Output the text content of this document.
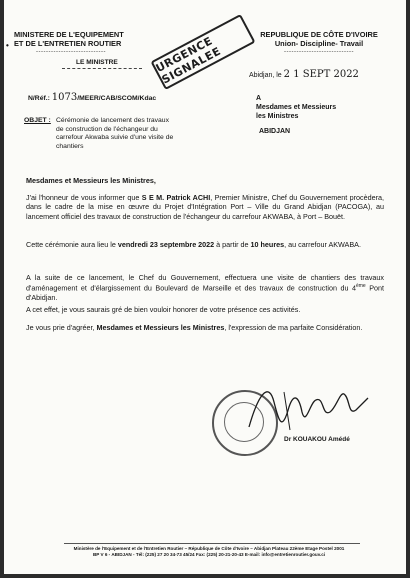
•
MINISTERE DE L'EQUIPEMENT
ET DE L'ENTRETIEN ROUTIER
----------------------------
LE MINISTRE	URGENCE SIGNALEE
REPUBLIQUE DE CÔTE D'IVOIRE
Union- Discipline- Travail
----------------------------
Abidjan, le 2 1 SEPT 2022
N/Réf.: 1073/MEER/CAB/SCOM/Kdac	A
Mesdames et Messieurs
les Ministres
ABIDJAN
OBJET : Cérémonie de lancement des travaux de construction de l'échangeur du carrefour Akwaba suivie d'une visite de chantiers
Mesdames et Messieurs les Ministres,
J'ai l'honneur de vous informer que S E M. Patrick ACHI, Premier Ministre, Chef du Gouvernement procèdera, dans le cadre de la mise en œuvre du Projet d'Intégration Port – Ville du Grand Abidjan (PACOGA), au lancement officiel des travaux de construction de l'échangeur du carrefour AKWABA, à Port – Bouët.
Cette cérémonie aura lieu le vendredi 23 septembre 2022 à partir de 10 heures, au carrefour AKWABA.
A la suite de ce lancement, le Chef du Gouvernement, effectuera une visite de chantiers des travaux d'aménagement et d'élargissement du Boulevard de Marseille et des travaux de construction du 4ème Pont d'Abidjan.
A cet effet, je vous saurais gré de bien vouloir honorer de votre présence ces activités.
Je vous prie d'agréer, Mesdames et Messieurs les Ministres, l'expression de ma parfaite Considération.
Dr KOUAKOU Amédé
Ministère de l'Equipement et de l'Entretien Routier – République de Côte d'Ivoire – Abidjan Plateau 22ème Etage Postel 2001
BP V 6 - ABIDJAN - Tél: (225) 27 20 34-73 45/24 Fax: (225) 20-21-20-43 E-mail: info@entretienroutier.gouv.ci
